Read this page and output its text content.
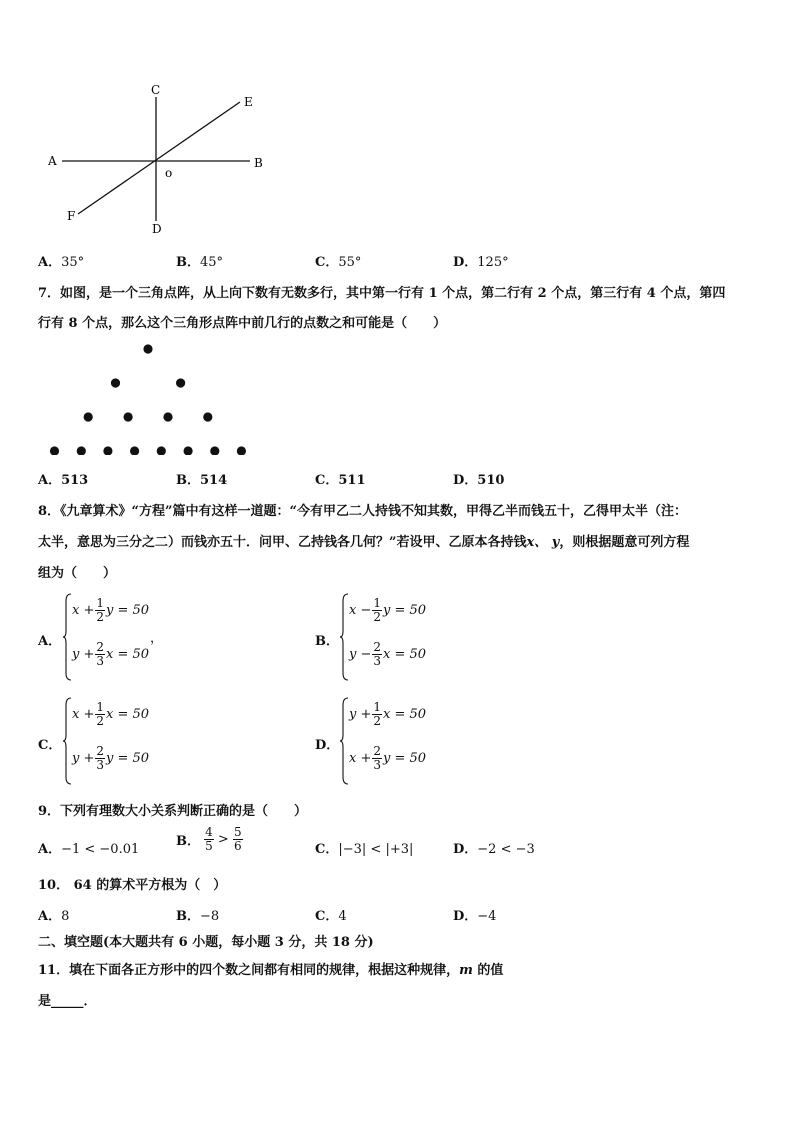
A	B
C
D
E
F
o
A．35°	B．45°	C．55°	D．125°
7．如图，是一个三角点阵，从上向下数有无数多行，其中第一行有 1 个点，第二行有 2 个点，第三行有 4 个点，第四
行有 8 个点，那么这个三角形点阵中前几行的点数之和可能是（　　）
A．513	B．514	C．511	D．510
8．《九章算术》“方程”篇中有这样一道题：“今有甲乙二人持钱不知其数，甲得乙半而钱五十，乙得甲太半（注：
太半，意思为三分之二）而钱亦五十．问甲、乙持钱各几何？”若设甲、乙原本各持钱x、 y，则根据题意可列方程
组为（　　）
A．
$x + \frac{1}{2}$ y = 50
$y + \frac{2}{3}$ x = 50
，	B．
$x - \frac{1}{2}$ y = 50
$y - \frac{2}{3}$ x = 50
C．
$x + \frac{1}{2}$ x = 50
$y + \frac{2}{3}$ y = 50
D．
$y + \frac{1}{2}$ x = 50
$x + \frac{2}{3}$ y = 50
9．下列有理数大小关系判断正确的是（　　）
A．−1 < −0.01
B． $\frac{4}{5} > \frac{5}{6}$	C．|−3| < |+3|	D．−2 < −3
10． 64 的算术平方根为（　）
A．8	B．−8	C．4	D．−4
二、填空题(本大题共有 6 小题，每小题 3 分，共 18 分)
11．填在下面各正方形中的四个数之间都有相同的规律，根据这种规律，m 的值
是_____．
